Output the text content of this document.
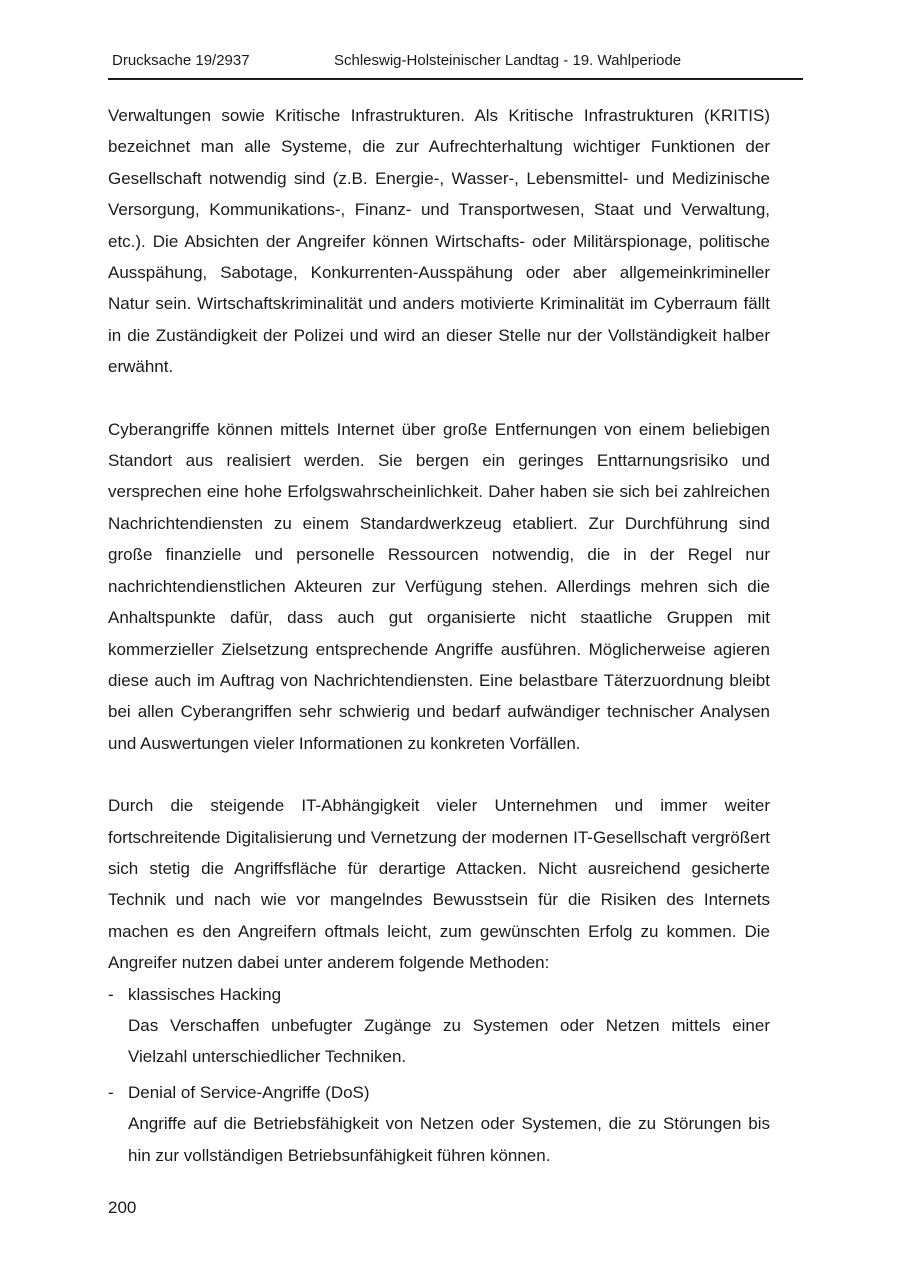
Drucksache 19/2937	Schleswig-Holsteinischer Landtag - 19. Wahlperiode

Verwaltungen sowie Kritische Infrastrukturen. Als Kritische Infrastrukturen (KRITIS) bezeichnet man alle Systeme, die zur Aufrechterhaltung wichtiger Funktionen der Gesellschaft notwendig sind (z.B. Energie-, Wasser-, Lebensmittel- und Medizinische Versorgung, Kommunikations-, Finanz- und Transportwesen, Staat und Verwaltung, etc.). Die Absichten der Angreifer können Wirtschafts- oder Militärspionage, politische Ausspähung, Sabotage, Konkurrenten-Ausspähung oder aber allgemeinkrimineller Natur sein. Wirtschaftskriminalität und anders motivierte Kriminalität im Cyberraum fällt in die Zuständigkeit der Polizei und wird an dieser Stelle nur der Vollständigkeit halber erwähnt.

Cyberangriffe können mittels Internet über große Entfernungen von einem beliebigen Standort aus realisiert werden. Sie bergen ein geringes Enttarnungsrisiko und versprechen eine hohe Erfolgswahrscheinlichkeit. Daher haben sie sich bei zahlreichen Nachrichtendiensten zu einem Standardwerkzeug etabliert. Zur Durchführung sind große finanzielle und personelle Ressourcen notwendig, die in der Regel nur nachrichtendienstlichen Akteuren zur Verfügung stehen. Allerdings mehren sich die Anhaltspunkte dafür, dass auch gut organisierte nicht staatliche Gruppen mit kommerzieller Zielsetzung entsprechende Angriffe ausführen. Möglicherweise agieren diese auch im Auftrag von Nachrichtendiensten. Eine belastbare Täterzuordnung bleibt bei allen Cyberangriffen sehr schwierig und bedarf aufwändiger technischer Analysen und Auswertungen vieler Informationen zu konkreten Vorfällen.

Durch die steigende IT-Abhängigkeit vieler Unternehmen und immer weiter fortschreitende Digitalisierung und Vernetzung der modernen IT-Gesellschaft vergrößert sich stetig die Angriffsfläche für derartige Attacken. Nicht ausreichend gesicherte Technik und nach wie vor mangelndes Bewusstsein für die Risiken des Internets machen es den Angreifern oftmals leicht, zum gewünschten Erfolg zu kommen. Die Angreifer nutzen dabei unter anderem folgende Methoden:

- klassisches Hacking
Das Verschaffen unbefugter Zugänge zu Systemen oder Netzen mittels einer Vielzahl unterschiedlicher Techniken.
- Denial of Service-Angriffe (DoS)
Angriffe auf die Betriebsfähigkeit von Netzen oder Systemen, die zu Störungen bis hin zur vollständigen Betriebsunfähigkeit führen können.
200
